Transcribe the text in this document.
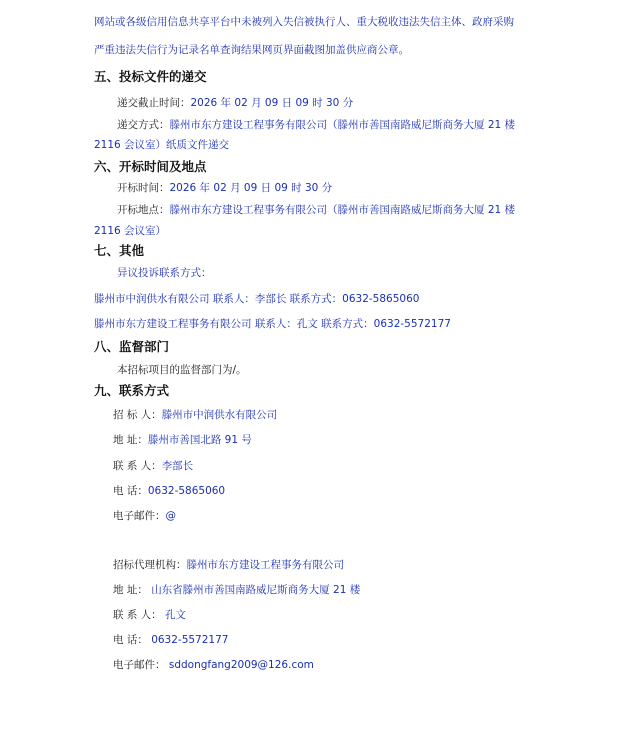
网站或各级信用信息共享平台中未被列入失信被执行人、重大税收违法失信主体、政府采购
严重违法失信行为记录名单查询结果网页界面截图加盖供应商公章。
五、投标文件的递交
递交截止时间：2026 年 02 月 09 日 09 时 30 分
递交方式：滕州市东方建设工程事务有限公司（滕州市善国南路威尼斯商务大厦 21 楼
2116 会议室）纸质文件递交
六、开标时间及地点
开标时间：2026 年 02 月 09 日 09 时 30 分
开标地点：滕州市东方建设工程事务有限公司（滕州市善国南路威尼斯商务大厦 21 楼
2116 会议室）
七、其他
异议投诉联系方式：
滕州市中润供水有限公司 联系人：李部长 联系方式：0632-5865060
滕州市东方建设工程事务有限公司 联系人：孔文 联系方式：0632-5572177
八、监督部门
本招标项目的监督部门为/。
九、联系方式
招 标 人：滕州市中润供水有限公司
地 址：滕州市善国北路 91 号
联 系 人：李部长
电 话：0632-5865060
电子邮件：@
招标代理机构：滕州市东方建设工程事务有限公司
地 址： 山东省滕州市善国南路威尼斯商务大厦 21 楼
联 系 人： 孔文
电 话： 0632-5572177
电子邮件： sddongfang2009@126.com
